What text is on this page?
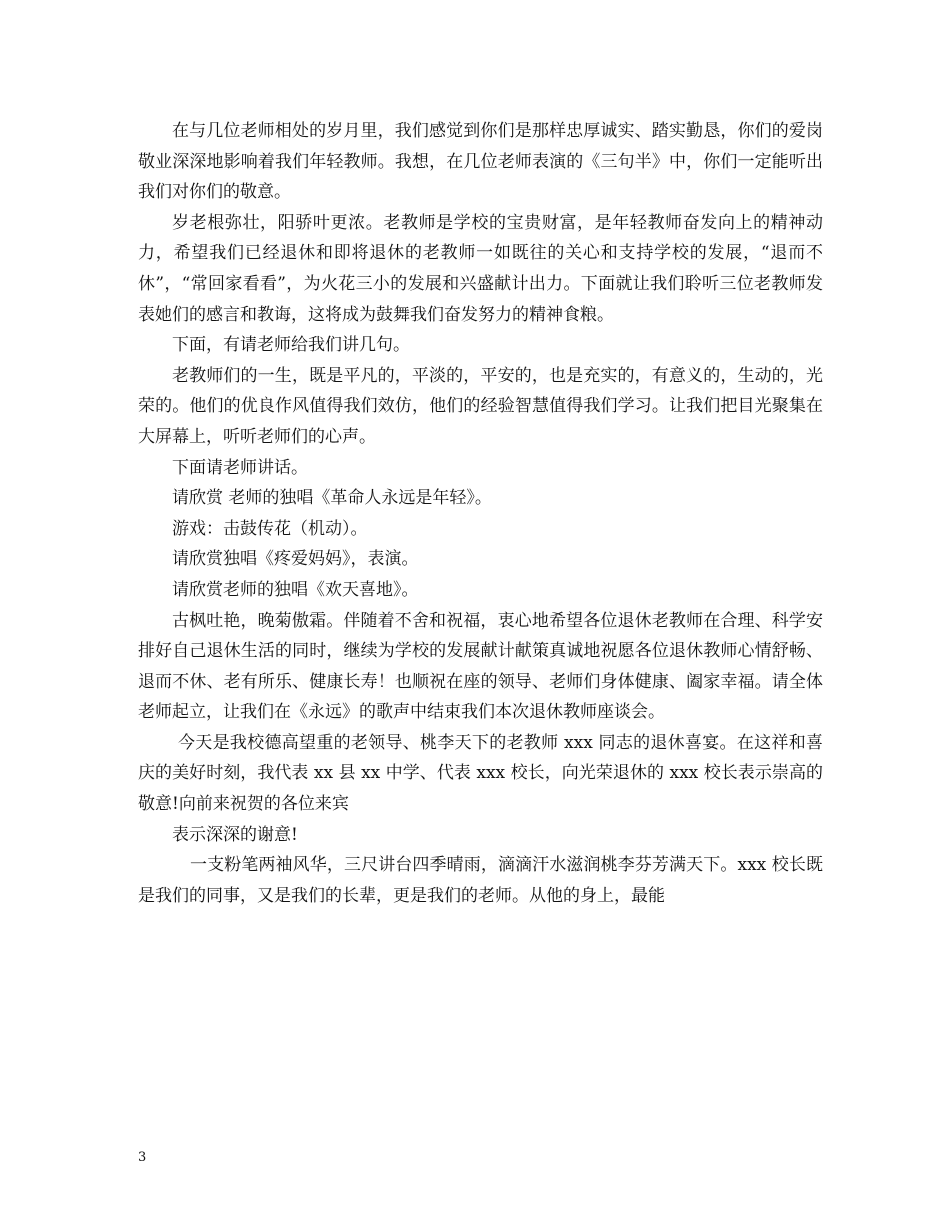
在与几位老师相处的岁月里，我们感觉到你们是那样忠厚诚实、踏实勤恳，你们的爱岗敬业深深地影响着我们年轻教师。我想，在几位老师表演的《三句半》中，你们一定能听出我们对你们的敬意。

岁老根弥壮，阳骄叶更浓。老教师是学校的宝贵财富，是年轻教师奋发向上的精神动力，希望我们已经退休和即将退休的老教师一如既往的关心和支持学校的发展，“退而不休”，“常回家看看”，为火花三小的发展和兴盛献计出力。下面就让我们聆听三位老教师发表她们的感言和教诲，这将成为鼓舞我们奋发努力的精神食粮。

下面，有请老师给我们讲几句。

老教师们的一生，既是平凡的，平淡的，平安的，也是充实的，有意义的，生动的，光荣的。他们的优良作风值得我们效仿，他们的经验智慧值得我们学习。让我们把目光聚集在大屏幕上，听听老师们的心声。

下面请老师讲话。

请欣赏 老师的独唱《革命人永远是年轻》。

游戏：击鼓传花（机动）。

请欣赏独唱《疼爱妈妈》，表演。

请欣赏老师的独唱《欢天喜地》。

古枫吐艳，晚菊傲霜。伴随着不舍和祝福，衷心地希望各位退休老教师在合理、科学安排好自己退休生活的同时，继续为学校的发展献计献策真诚地祝愿各位退休教师心情舒畅、退而不休、老有所乐、健康长寿！也顺祝在座的领导、老师们身体健康、阖家幸福。请全体老师起立，让我们在《永远》的歌声中结束我们本次退休教师座谈会。

今天是我校德高望重的老领导、桃李天下的老教师 xxx 同志的退休喜宴。在这祥和喜庆的美好时刻，我代表 xx 县 xx 中学、代表 xxx 校长，向光荣退休的 xxx 校长表示崇高的敬意!向前来祝贺的各位来宾

表示深深的谢意!

一支粉笔两袖风华，三尺讲台四季晴雨，滴滴汗水滋润桃李芬芳满天下。xxx 校长既是我们的同事，又是我们的长辈，更是我们的老师。从他的身上，最能

3
